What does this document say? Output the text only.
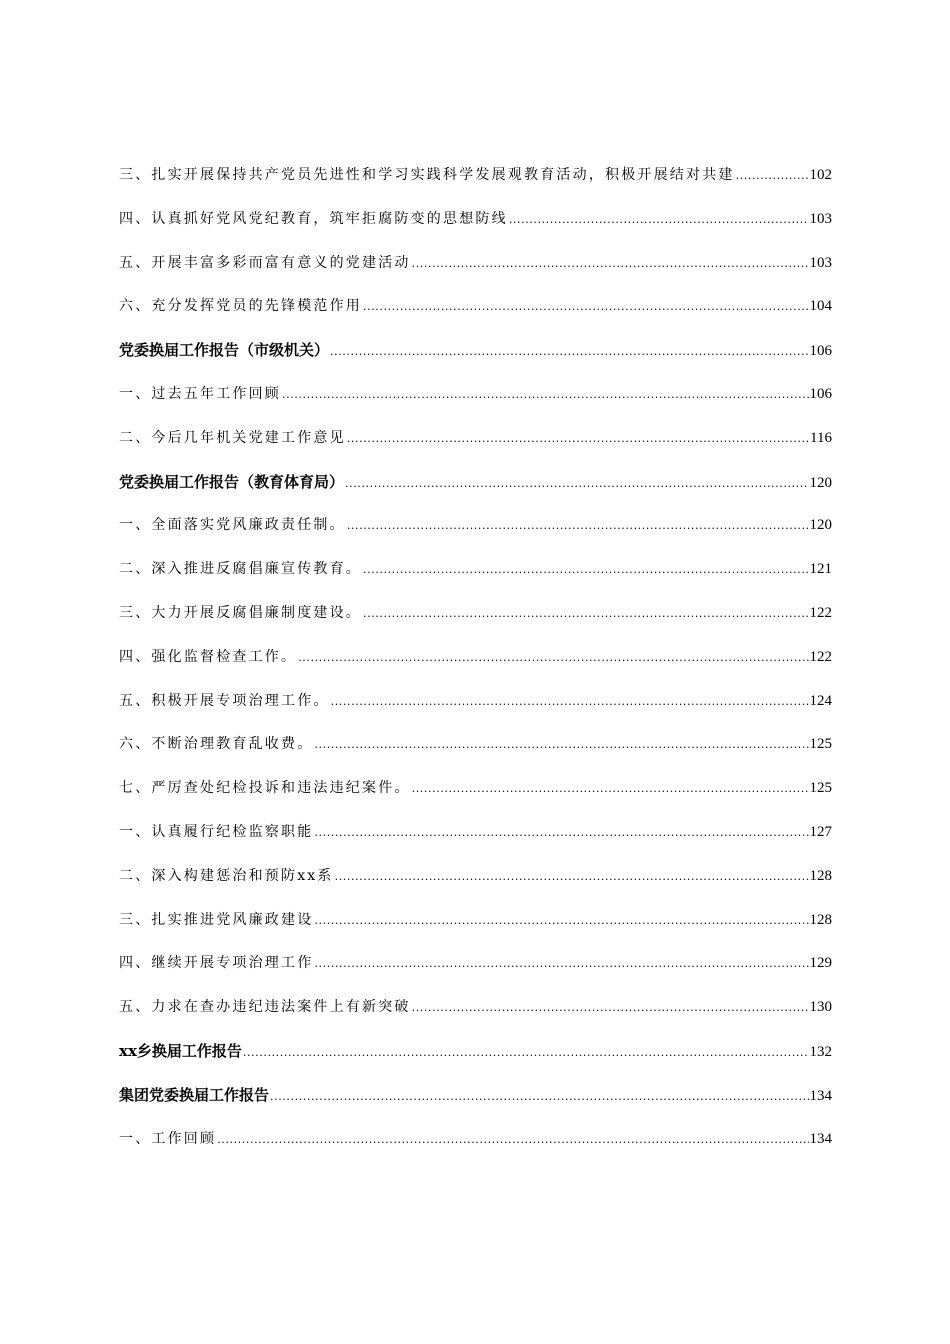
三、扎实开展保持共产党员先进性和学习实践科学发展观教育活动，积极开展结对共建 .....	102
四、认真抓好党风党纪教育，筑牢拒腐防变的思想防线 .....	103
五、开展丰富多彩而富有意义的党建活动 .....	103
六、充分发挥党员的先锋模范作用 .....	104
党委换届工作报告（市级机关） .....	106
一、过去五年工作回顾 .....	106
二、今后几年机关党建工作意见 .....	116
党委换届工作报告（教育体育局） .....	120
一、全面落实党风廉政责任制。 .....	120
二、深入推进反腐倡廉宣传教育。 .....	121
三、大力开展反腐倡廉制度建设。 .....	122
四、强化监督检查工作。 .....	122
五、积极开展专项治理工作。 .....	124
六、不断治理教育乱收费。 .....	125
七、严厉查处纪检投诉和违法违纪案件。 .....	125
一、认真履行纪检监察职能 .....	127
二、深入构建惩治和预防xx系 .....	128
三、扎实推进党风廉政建设 .....	128
四、继续开展专项治理工作 .....	129
五、力求在查办违纪违法案件上有新突破 .....	130
xx乡换届工作报告 .....	132
集团党委换届工作报告 .....	134
一、工作回顾 .....	134
